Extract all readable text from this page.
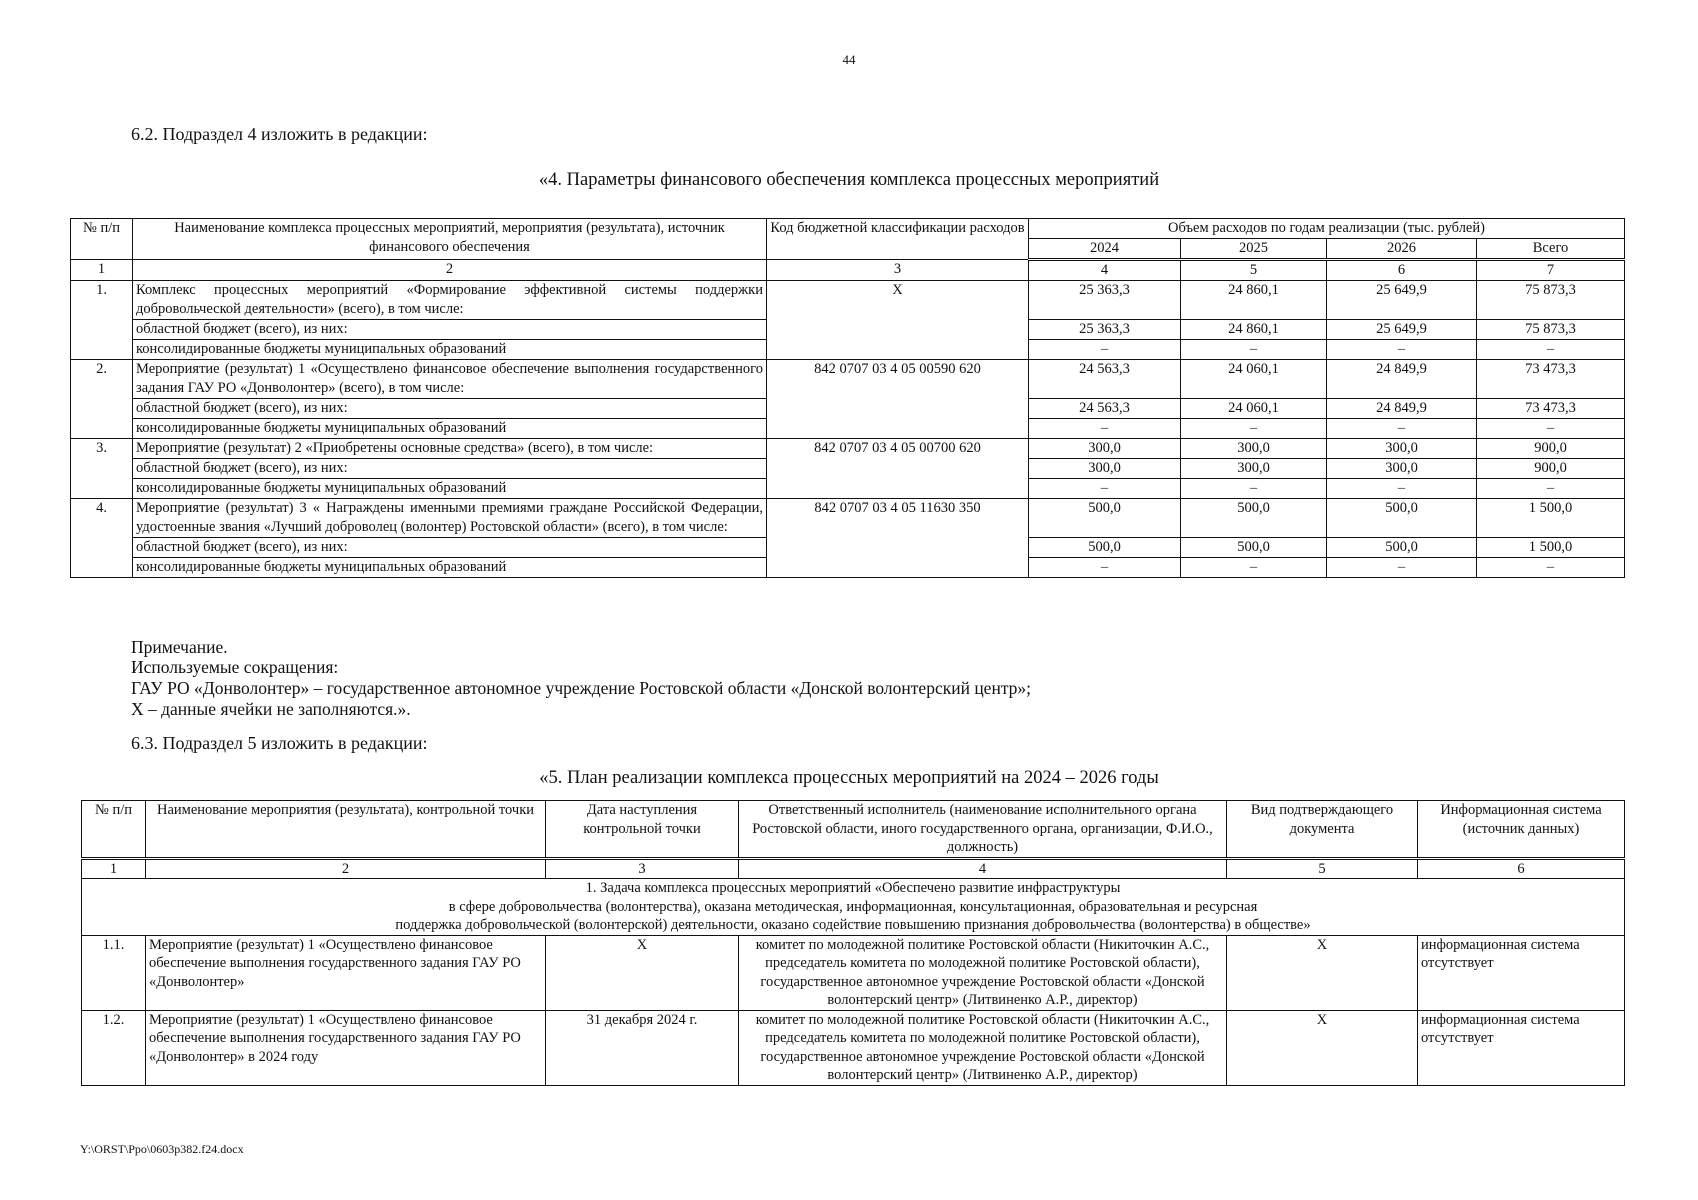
44
6.2. Подраздел 4 изложить в редакции:
«4. Параметры финансового обеспечения комплекса процессных мероприятий
№ п/п	Наименование комплекса процессных мероприятий, мероприятия (результата), источник финансового обеспечения	Код бюджетной классификации расходов	Объем расходов по годам реализации (тыс. рублей)			
			2024	2025	2026	Всего
1	2	3	4	5	6	7
1.	Комплекс процессных мероприятий «Формирование эффективной системы поддержки добровольческой деятельности» (всего), в том числе:	X	25 363,3	24 860,1	25 649,9	75 873,3
	областной бюджет (всего), из них:		25 363,3	24 860,1	25 649,9	75 873,3
	консолидированные бюджеты муниципальных образований		–	–	–	–
2.	Мероприятие (результат) 1 «Осуществлено финансовое обеспечение выполнения государственного задания ГАУ РО «Донволонтер» (всего), в том числе:	842 0707 03 4 05 00590 620	24 563,3	24 060,1	24 849,9	73 473,3
	областной бюджет (всего), из них:		24 563,3	24 060,1	24 849,9	73 473,3
	консолидированные бюджеты муниципальных образований		–	–	–	–
3.	Мероприятие (результат) 2 «Приобретены основные средства» (всего), в том числе:	842 0707 03 4 05 00700 620	300,0	300,0	300,0	900,0
	областной бюджет (всего), из них:		300,0	300,0	300,0	900,0
	консолидированные бюджеты муниципальных образований		–	–	–	–
4.	Мероприятие (результат) 3 « Награждены именными премиями граждане Российской Федерации, удостоенные звания «Лучший доброволец (волонтер) Ростовской области» (всего), в том числе:	842 0707 03 4 05 11630 350	500,0	500,0	500,0	1 500,0
	областной бюджет (всего), из них:		500,0	500,0	500,0	1 500,0
	консолидированные бюджеты муниципальных образований		–	–	–	–
Примечание.
Используемые сокращения:
ГАУ РО «Донволонтер» – государственное автономное учреждение Ростовской области «Донской волонтерский центр»;
X – данные ячейки не заполняются.».
6.3. Подраздел 5 изложить в редакции:
«5. План реализации комплекса процессных мероприятий на 2024 – 2026 годы
№ п/п	Наименование мероприятия (результата), контрольной точки	Дата наступления контрольной точки	Ответственный исполнитель (наименование исполнительного органа Ростовской области, иного государственного органа, организации, Ф.И.О., должность)	Вид подтверждающего документа	Информационная система (источник данных)
1	2	3	4	5	6

1. Задача комплекса процессных мероприятий «Обеспечено развитие инфраструктуры
в сфере добровольчества (волонтерства), оказана методическая, информационная, консультационная, образовательная и ресурсная
поддержка добровольческой (волонтерской) деятельности, оказано содействие повышению признания добровольчества (волонтерства) в обществе»					

1.1.	Мероприятие (результат) 1 «Осуществлено финансовое обеспечение выполнения государственного задания ГАУ РО «Донволонтер»	X	комитет по молодежной политике Ростовской области (Никиточкин А.С., председатель комитета по молодежной политике Ростовской области), государственное автономное учреждение Ростовской области «Донской волонтерский центр» (Литвиненко А.Р., директор)	X	информационная система отсутствует
1.2.	Мероприятие (результат) 1 «Осуществлено финансовое обеспечение выполнения государственного задания ГАУ РО «Донволонтер» в 2024 году	31 декабря 2024 г.	комитет по молодежной политике Ростовской области (Никиточкин А.С., председатель комитета по молодежной политике Ростовской области), государственное автономное учреждение Ростовской области «Донской волонтерский центр» (Литвиненко А.Р., директор)	X	информационная система отсутствует
Y:\ORST\Ppo\0603p382.f24.docx
